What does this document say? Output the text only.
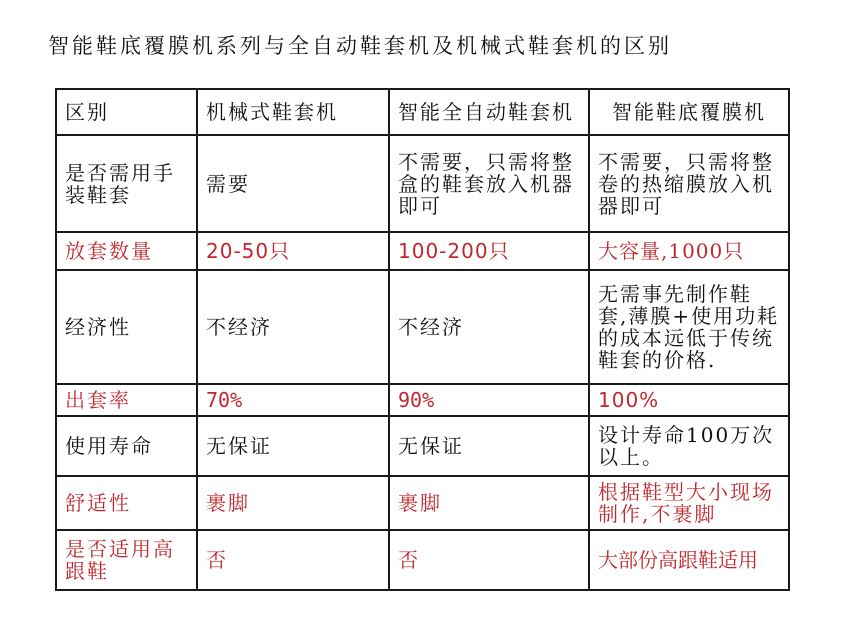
智能鞋底覆膜机系列与全自动鞋套机及机械式鞋套机的区别
区别	机械式鞋套机	智能全自动鞋套机	智能鞋底覆膜机
是否需用手装鞋套	需要	不需要，只需将整盒的鞋套放入机器即可	不需要，只需将整卷的热缩膜放入机器即可
放套数量	20-50只	100-200只	大容量,1000只
经济性	不经济	不经济	无需事先制作鞋套,薄膜+使用功耗的成本远低于传统鞋套的价格.
出套率	70%	90%	100%
使用寿命	无保证	无保证	设计寿命100万次以上。
舒适性	裹脚	裹脚	根据鞋型大小现场制作,不裹脚
是否适用高跟鞋	否	否	大部份高跟鞋适用
